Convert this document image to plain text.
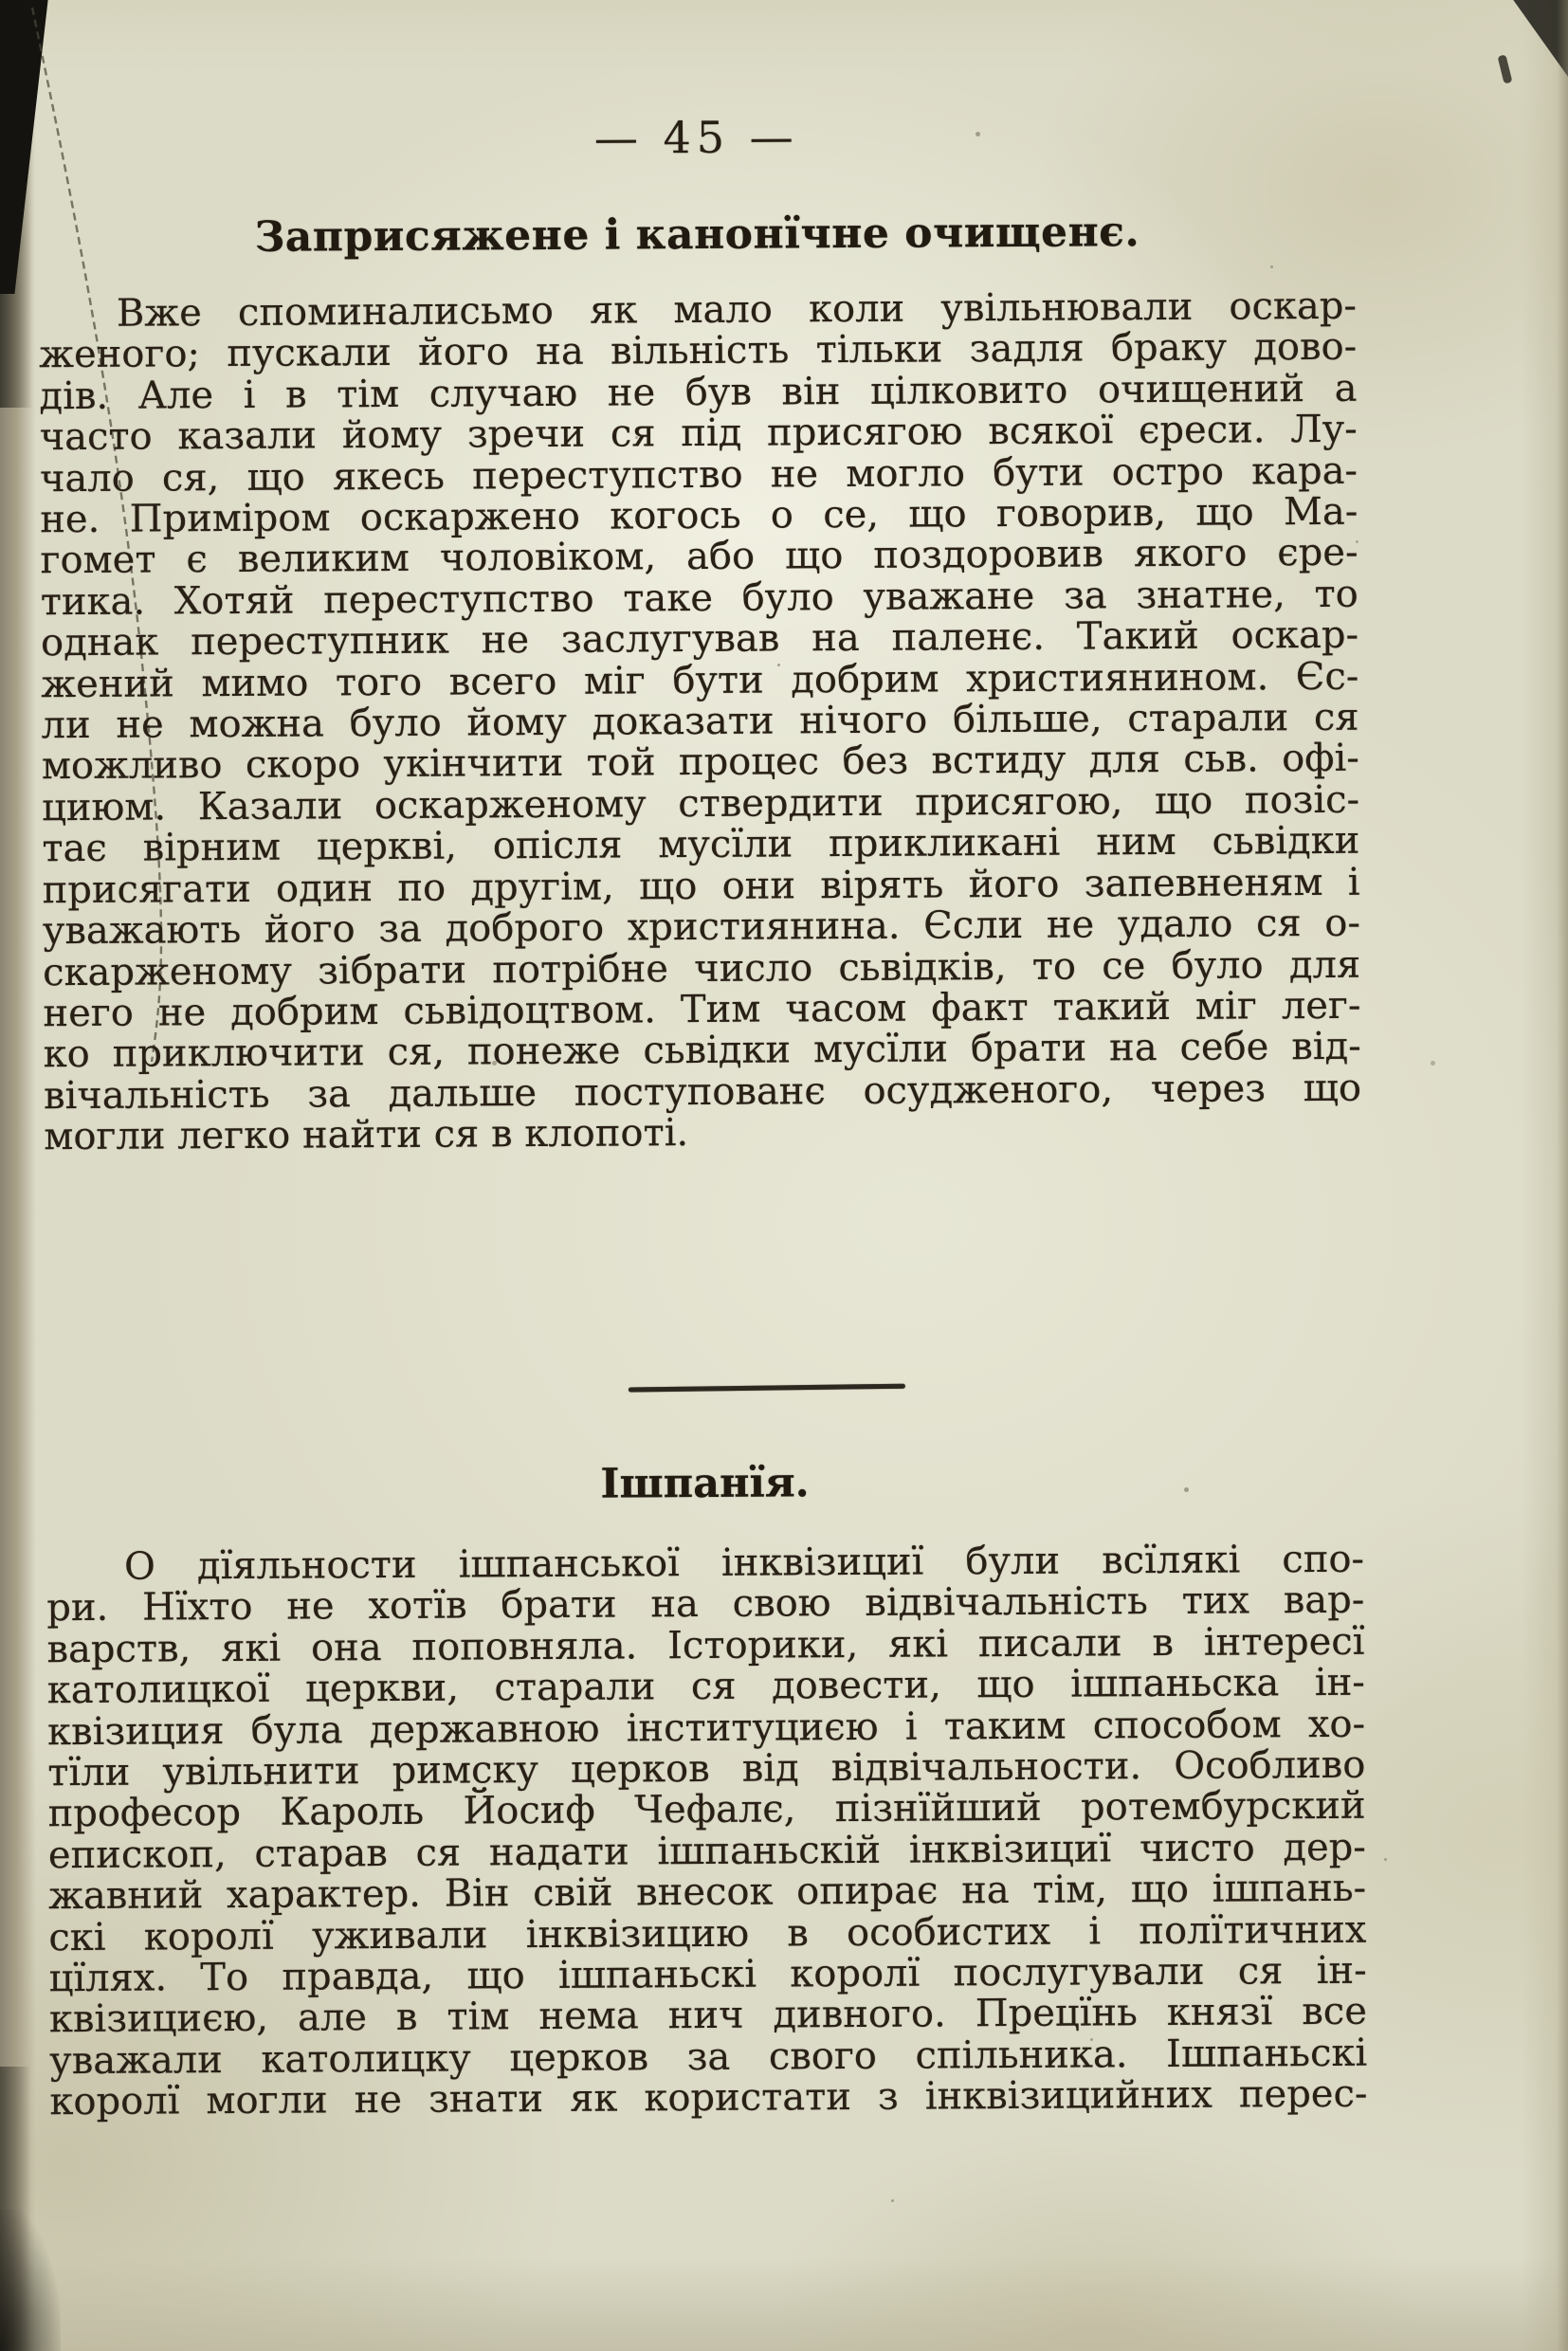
— 45 —
Заприсяжене і канонїчне очищенє.
Вже споминалисьмо як мало коли увільнювали оскар-
женого; пускали його на вільність тільки задля браку дово-
дів. Але і в тім случаю не був він цілковито очищений а
часто казали йому зречи ся під присягою всякої єреси. Лу-
чало ся, що якесь переступство не могло бути остро кара-
не. Приміром оскаржено когось о се, що говорив, що Ма-
гомет є великим чоловіком, або що поздоровив якого єре-
тика. Хотяй переступство таке було уважане за знатне, то
однак переступник не заслугував на паленє. Такий оскар-
жений мимо того всего міг бути добрим християнином. Єс-
ли не можна було йому доказати нічого більше, старали ся
можливо скоро укінчити той процес без встиду для сьв. офі-
циюм. Казали оскарженому ствердити присягою, що позіс-
тає вірним церкві, опісля мусїли прикликані ним сьвідки
присягати один по другім, що они вірять його запевненям і
уважають його за доброго християнина. Єсли не удало ся о-
скарженому зібрати потрібне число сьвідків, то се було для
него не добрим сьвідоцтвом. Тим часом факт такий міг лег-
ко приключити ся, понеже сьвідки мусїли брати на себе від-
вічальність за дальше поступованє осудженого, через що
могли легко найти ся в клопоті.
Ішпанїя.
О дїяльности ішпанської інквізициї були всїлякі спо-
ри. Нїхто не хотїв брати на свою відвічальність тих вар-
варств, які она поповняла. Історики, які писали в інтересї
католицкої церкви, старали ся довести, що ішпаньска ін-
квізиция була державною інституциєю і таким способом хо-
тїли увільнити римску церков від відвічальности. Особливо
професор Кароль Йосиф Чефалє, пізнїйший ротембурский
епископ, старав ся надати ішпаньскій інквізициї чисто дер-
жавний характер. Він свій внесок опирає на тім, що ішпань-
скі королї уживали інквізицию в особистих і полїтичних
цїлях. То правда, що ішпаньскі королї послугували ся ін-
квізициєю, але в тім нема нич дивного. Прецїнь князї все
уважали католицку церков за свого спільника. Ішпаньскі
королї могли не знати як користати з інквізицийних перес-
